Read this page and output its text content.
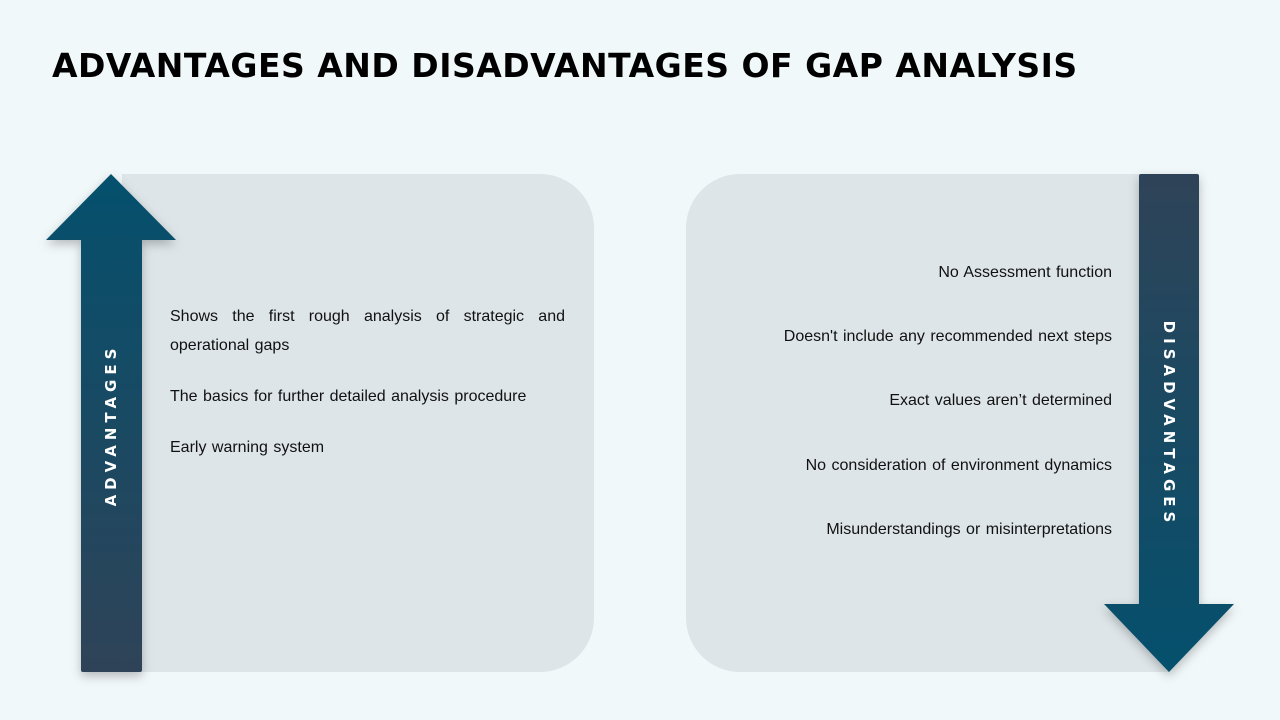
ADVANTAGES AND DISADVANTAGES OF GAP ANALYSIS
ADVANTAGES	DISADVANTAGES
Shows the first rough analysis of strategic and operational gaps
The basics for further detailed analysis procedure
Early warning system

No Assessment function

Doesn't include any recommended next steps

Exact values aren’t determined

No consideration of environment dynamics

Misunderstandings or misinterpretations
